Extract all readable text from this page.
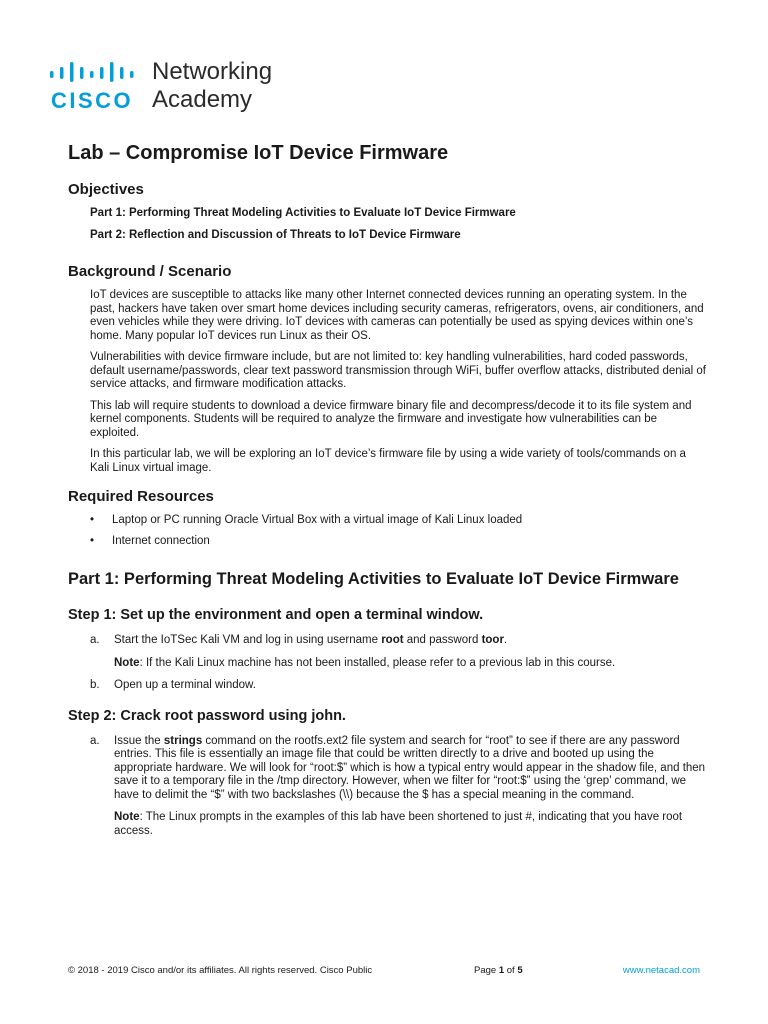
CISCO
Networking
Academy
Lab – Compromise IoT Device Firmware
Objectives
Part 1: Performing Threat Modeling Activities to Evaluate IoT Device Firmware
Part 2: Reflection and Discussion of Threats to IoT Device Firmware
Background / Scenario

IoT devices are susceptible to attacks like many other Internet connected devices running an operating system. In the past, hackers have taken over smart home devices including security cameras, refrigerators, ovens, air conditioners, and even vehicles while they were driving. IoT devices with cameras can potentially be used as spying devices within one’s home. Many popular IoT devices run Linux as their OS.

Vulnerabilities with device firmware include, but are not limited to: key handling vulnerabilities, hard coded passwords, default username/passwords, clear text password transmission through WiFi, buffer overflow attacks, distributed denial of service attacks, and firmware modification attacks.

This lab will require students to download a device firmware binary file and decompress/decode it to its file system and kernel components. Students will be required to analyze the firmware and investigate how vulnerabilities can be exploited.

In this particular lab, we will be exploring an IoT device’s firmware file by using a wide variety of tools/commands on a Kali Linux virtual image.

Required Resources
• Laptop or PC running Oracle Virtual Box with a virtual image of Kali Linux loaded
• Internet connection
Part 1: Performing Threat Modeling Activities to Evaluate IoT Device Firmware
Step 1: Set up the environment and open a terminal window.
a. Start the IoTSec Kali VM and log in using username root and password toor.
Note: If the Kali Linux machine has not been installed, please refer to a previous lab in this course.
b. Open up a terminal window.
Step 2: Crack root password using john.
a. Issue the strings command on the rootfs.ext2 file system and search for “root” to see if there are any password entries. This file is essentially an image file that could be written directly to a drive and booted up using the appropriate hardware. We will look for “root:$” which is how a typical entry would appear in the shadow file, and then save it to a temporary file in the /tmp directory. However, when we filter for “root:$” using the ‘grep’ command, we have to delimit the “$” with two backslashes (\\) because the $ has a special meaning in the command.
Note: The Linux prompts in the examples of this lab have been shortened to just #, indicating that you have root access.
© 2018 - 2019 Cisco and/or its affiliates. All rights reserved. Cisco Public	Page 1 of 5	www.netacad.com
